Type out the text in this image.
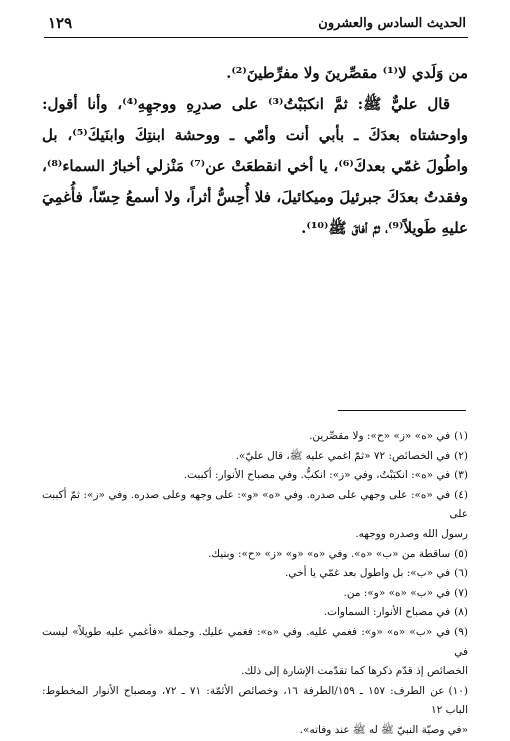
الحديث السادس والعشرون
١٢٩

من وَلَدي لا⁽¹⁾ مقصِّرينَ ولا مفرِّطينَ⁽²⁾.

قال عليٌّ ﷺ: ثمَّ انكبَبْتُ⁽³⁾ على صدرِهِ ووجهِهِ⁽⁴⁾، وأنا أقول: واوحشتاه بعدَكَ ـ بأبي أنت وأمّي ـ ووحشة ابنتِكَ وابنَيكَ⁽⁵⁾، بل واطُولَ غمّي بعدكَ⁽⁶⁾، يا أخي انقطعَتْ عن⁽⁷⁾ مَنْزلي أخبارُ السماء⁽⁸⁾، وفقدتُ بعدَكَ جبرئيلَ وميكائيلَ، فلا أُحِسُّ أثراً، ولا أسمعُ حِسّاً، فأُغمِيَ عليهِ طَويلاً⁽⁹⁾، ثمَّ أفاقَ ﷺ⁽¹⁰⁾.

(١)في «ه» «ز» «ح»: ولا مقصِّرين.

(٢)في الخصائص: ٧٢ «ثمّ اغمي عليه ﷺ، قال عليّ».

(٣)في «ه»: انكبَبْتُ، وفي «ز»: انكبُّ. وفي مصباح الأنوار: أكببت.

(٤)في «ه»: على وجهي على صدره. وفي «ه» «و»: على وجهه وعلى صدره. وفي «ز»: ثمّ أكببت على
رسول الله وصدره ووجهه.

(٥)ساقطة من «ب» «ه». وفي «ه» «و» «ز» «ح»: وبنيك.

(٦)في «ب»: بل واطول بعد غمّي يا أخي.

(٧)في «ب» «ه» «و»: من.

(٨)في مصباح الأنوار: السماوات.

(٩)في «ب» «ه» «و»: فغمي عليه. وفي «ه»: فغمي عليك. وجملة «فأغمي عليه طويلاً» ليست في
الخصائص إذ قدّم ذكرها كما تقدّمت الإشارة إلى ذلك.

(١٠)عن الطرف: ١٥٧ ـ ١٥٩/الطرفة ١٦، وخصائص الأئمّة: ٧١ ـ ٧٢، ومصباح الأنوار المخطوط: الباب ١٢
«في وصيّة النبيّ ﷺ له ﷺ عند وفاته».
